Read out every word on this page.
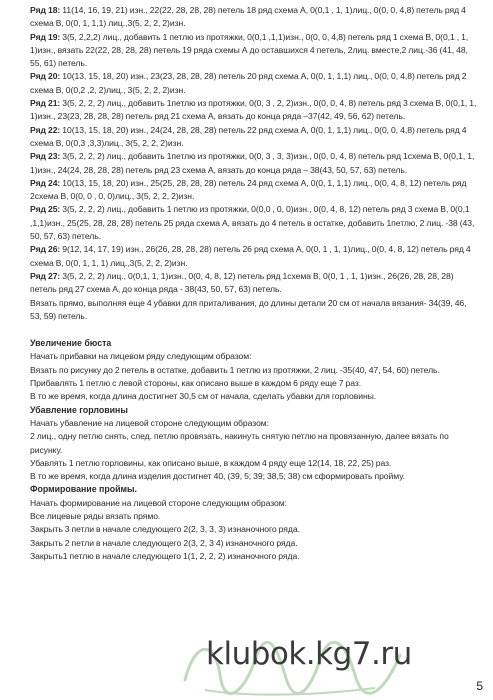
Ряд 18: 11(14, 16, 19, 21) изн., 22(22, 28, 28, 28) петель 18 ряд схема А, 0(0,1 , 1, 1)лиц., 0(0, 0, 4,8) петель ряд 4 схема В, 0(0, 1, 1,1) лиц.,3(5, 2, 2, 2)изн.

Ряд 19: 3(5, 2,2,2) лиц., добавить 1 петлю из протяжки, 0(0,1 ,1,1)изн., 0(0, 0, 4,8) петель ряд 1 схема В, 0(0,1 , 1, 1)изн., вязать 22(22, 28, 28, 28) петель 19 ряда схемы А до оставшихся 4 петель, 2лиц. вместе,2 лиц.-36 (41, 48, 55, 61) петель.

Ряд 20: 10(13, 15, 18, 20) изн., 23(23, 28, 28, 28) петель 20 ряд схема А, 0(0, 1, 1,1) лиц., 0(0, 0, 4,8) петель ряд 2 схема В, 0(0,2 ,2, 2)лиц., 3(5, 2, 2, 2)изн.

Ряд 21: 3(5, 2, 2, 2) лиц., добавить 1петлю из протяжки, 0(0, 3 , 2, 2)изн., 0(0, 0, 4, 8) петель ряд 3 схема В, 0(0,1, 1, 1)изн., 23(23, 28, 28, 28) петель ряд 21 схема А, вязать до конца ряда –37(42, 49, 56, 62) петель.

Ряд 22: 10(13, 15, 18, 20) изн., 24(24, 28, 28, 28) петель 22 ряд схема А, 0(0, 1, 1,1) лиц., 0(0, 0, 4,8) петель ряд 4 схема В, 0(0,3 ,3,3)лиц., 3(5, 2, 2, 2)изн.

Ряд 23: 3(5, 2, 2, 2) лиц., добавить 1петлю из протяжки, 0(0, 3 , 3, 3)изн., 0(0, 0, 4, 8) петель ряд 1схема В, 0(0,1, 1, 1)изн., 24(24, 28, 28, 28) петель ряд 23 схема А, вязать до конца ряда – 38(43, 50, 57, 63) петель.

Ряд 24: 10(13, 15, 18, 20) изн., 25(25, 28, 28, 28) петель 24 ряд схема А, 0(0, 1, 1,1) лиц., 0(0, 4, 8, 12) петель ряд 2схема В, 0(0, 0 , 0, 0)лиц., 3(5, 2, 2, 2)изн.

Ряд 25: 3(5, 2, 2, 2) лиц., добавить 1 петлю из протяжки, 0(0,0 , 0, 0)изн., 0(0, 4, 8, 12) петель ряд 3 схема В, 0(0,1 ,1,1)изн., 25(25, 28, 28, 28) петель 25 ряда схема А, вязать до 4 петель в остатке, добавить 1петлю, 2 лиц. -38 (43, 50, 57, 63) петель.

Ряд 26: 9(12, 14, 17, 19) изн., 26(26, 28, 28, 28) петель 26 ряд схема А, 0(0, 1 , 1, 1)лиц., 0(0, 4, 8, 12) петель ряд 4 схема В, 0(0, 1, 1, 1) лиц.,3(5, 2, 2, 2)изн.

Ряд 27: 3(5, 2, 2, 2) лиц., 0(0,1, 1, 1)изн., 0(0, 4, 8, 12) петель ряд 1схема В, 0(0, 1 , 1, 1)изн., 26(26, 28, 28, 28) петель ряд 27 схема А, до конца ряда - 38(43, 50, 57, 63) петель.

Вязать прямо, выполняя еще 4 убавки для приталивания, до длины детали 20 см от начала вязания- 34(39, 46, 53, 59) петель.

Увеличение бюста

Начать прибавки на лицевом ряду следующим образом:

Вязать по рисунку до 2 петель в остатке, добавить 1 петлю из протяжки, 2 лиц. -35(40, 47, 54, 60) петель.

Прибавлять 1 петлю с левой стороны, как описано выше в каждом 6 ряду еще 7 раз.

В то же время, когда длина достигнет 30,5 см от начала, сделать убавки для горловины.

Убавление горловины

Начать убавление на лицевой стороне следующим образом:

2 лиц., одну петлю снять, след. петлю провязать, накинуть снятую петлю на провязанную, далее вязать по рисунку.

Убавлять 1 петлю горловины, как описано выше, в каждом 4 ряду еще 12(14, 18, 22, 25) раз.

В то же время, когда длина изделия достигнет 40, (39, 5; 39; 38,5; 38) см сформировать пройму.

Формирование проймы.

Начать формирование на лицевой стороне следующим образом:

Все лицевые ряды вязать прямо.

Закрыть 3 петли в начале следующего 2(2, 3, 3, 3) изнаночного ряда.

Закрыть 2 петли в начале следующего 2(3, 2, 3 4) изнаночного ряда.

Закрыть1 петлю в начале следующего 1(1, 2, 2, 2) изнаночного ряда.

klubok.kg7.ru
5
